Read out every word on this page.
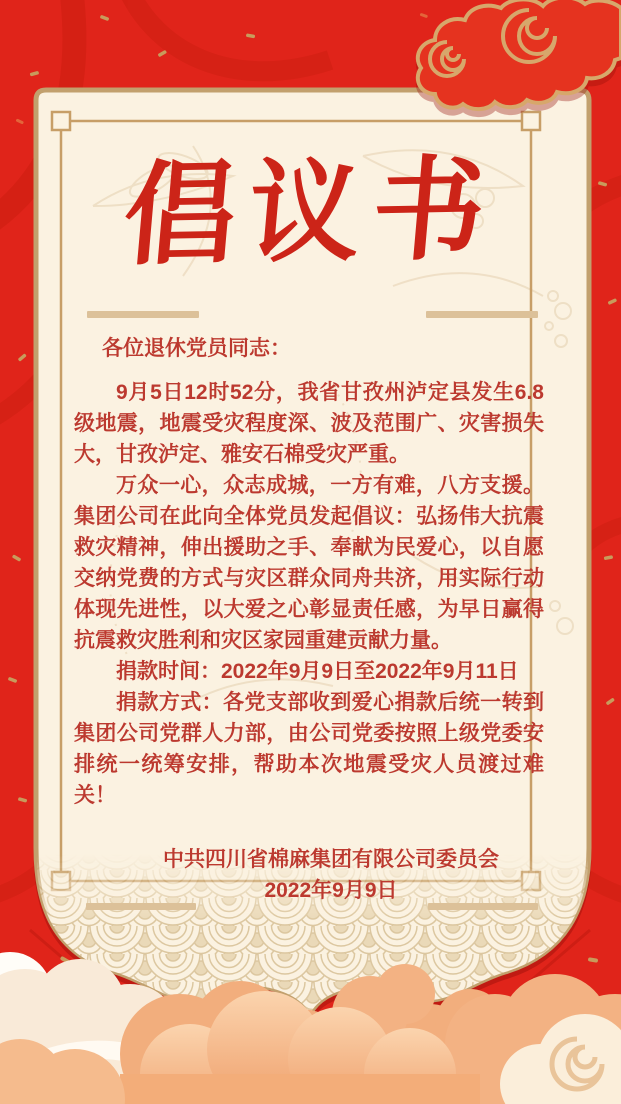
倡议书

各位退休党员同志：

9月5日12时52分，我省甘孜州泸定县发生6.8级地震，地震受灾程度深、波及范围广、灾害损失大，甘孜泸定、雅安石棉受灾严重。

万众一心，众志成城，一方有难，八方支援。集团公司在此向全体党员发起倡议：弘扬伟大抗震救灾精神，伸出援助之手、奉献为民爱心，以自愿交纳党费的方式与灾区群众同舟共济，用实际行动体现先进性，以大爱之心彰显责任感，为早日赢得抗震救灾胜利和灾区家园重建贡献力量。

捐款时间：2022年9月9日至2022年9月11日

捐款方式：各党支部收到爱心捐款后统一转到集团公司党群人力部，由公司党委按照上级党委安排统一统筹安排，帮助本次地震受灾人员渡过难关！

中共四川省棉麻集团有限公司委员会

2022年9月9日
